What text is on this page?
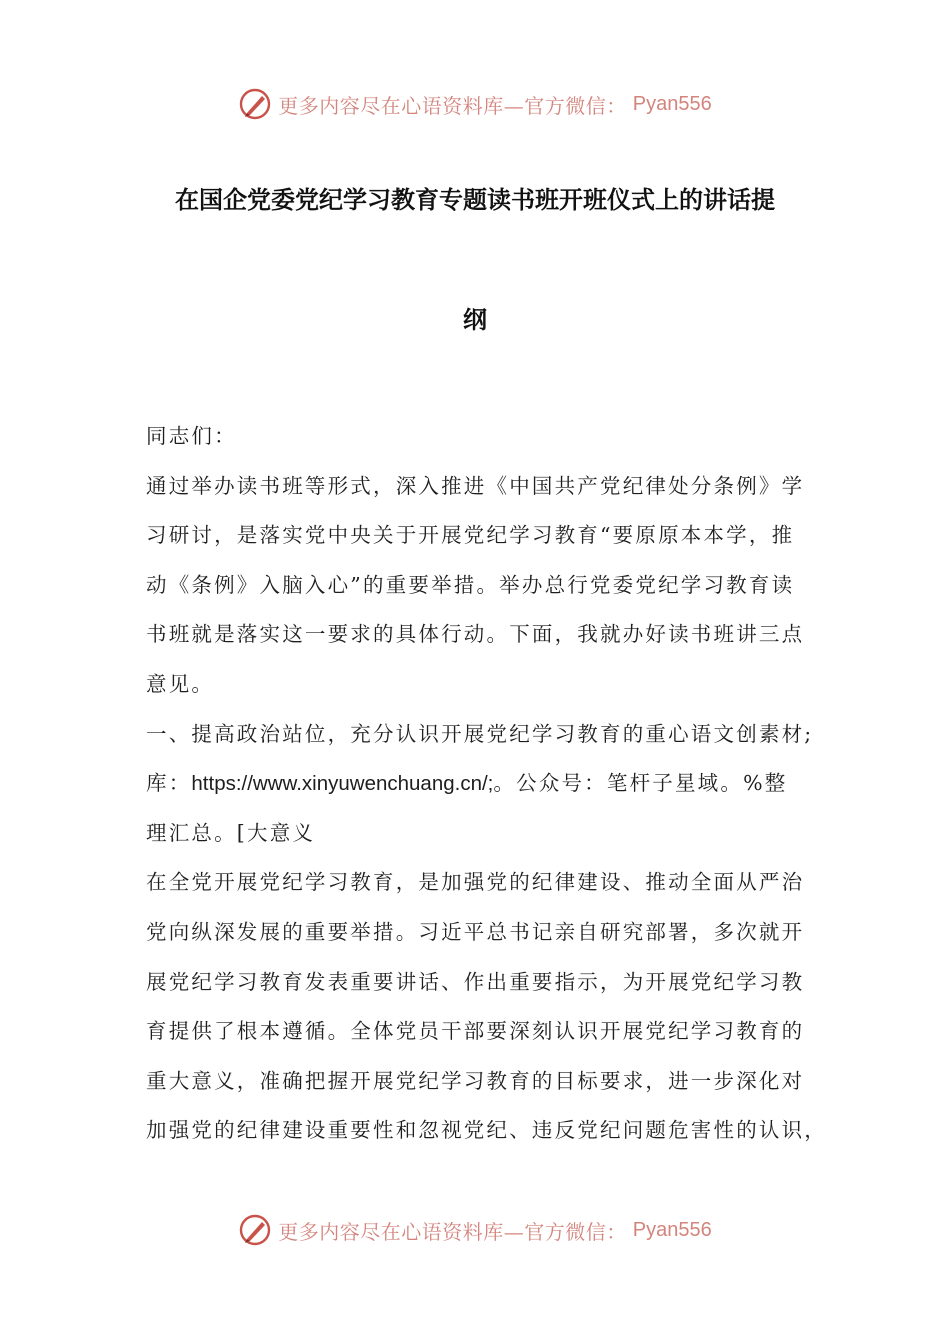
更多内容尽在心语资料库—官方微信： Pyan556
在国企党委党纪学习教育专题读书班开班仪式上的讲话提
纲
同志们：
通过举办读书班等形式，深入推进《中国共产党纪律处分条例》学
习研讨，是落实党中央关于开展党纪学习教育“要原原本本学，推
动《条例》入脑入心”的重要举措。举办总行党委党纪学习教育读
书班就是落实这一要求的具体行动。下面，我就办好读书班讲三点
意见。
一、提高政治站位，充分认识开展党纪学习教育的重心语文创素材;
库：https://www.xinyuwenchuang.cn/;。公众号：笔杆子星域。%整
理汇总。[大意义
在全党开展党纪学习教育，是加强党的纪律建设、推动全面从严治
党向纵深发展的重要举措。习近平总书记亲自研究部署，多次就开
展党纪学习教育发表重要讲话、作出重要指示，为开展党纪学习教
育提供了根本遵循。全体党员干部要深刻认识开展党纪学习教育的
重大意义，准确把握开展党纪学习教育的目标要求，进一步深化对
加强党的纪律建设重要性和忽视党纪、违反党纪问题危害性的认识，
更多内容尽在心语资料库—官方微信： Pyan556
